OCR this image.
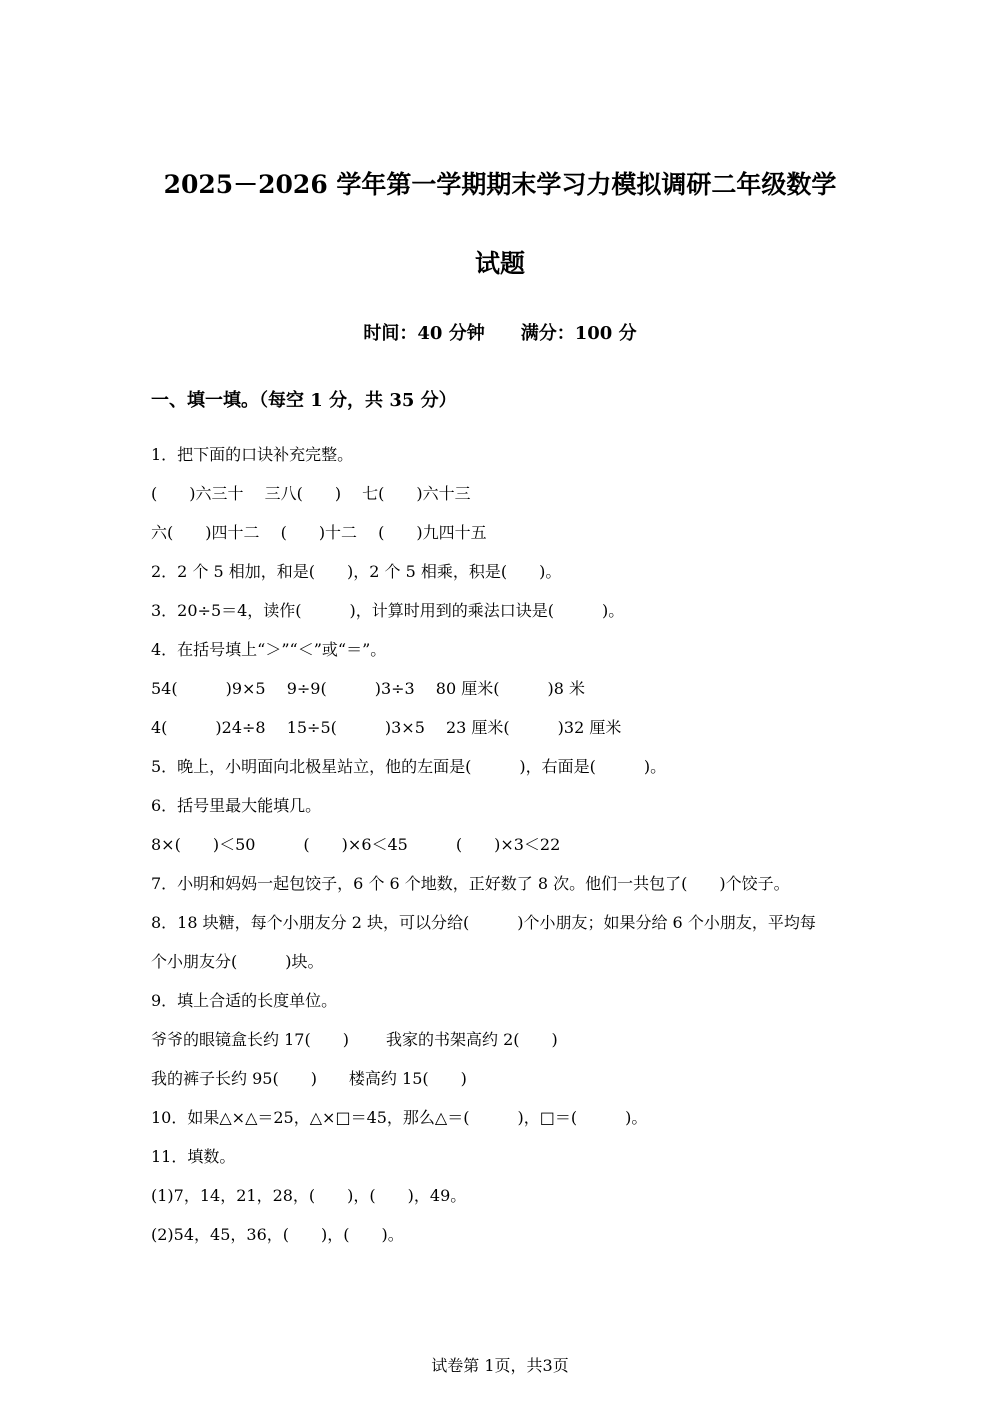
2025－2026 学年第一学期期末学习力模拟调研二年级数学
试题
时间：40 分钟 满分：100 分
一、填一填。（每空 1 分，共 35 分）
1．把下面的口诀补充完整。
(　　)六三十　 三八(　　)　 七(　　)六十三
六(　　)四十二　 (　　)十二　 (　　)九四十五
2．2 个 5 相加，和是(　　)，2 个 5 相乘，积是(　　)。
3．20÷5＝4，读作(　　　)，计算时用到的乘法口诀是(　　　)。
4．在括号填上“＞”“＜”或“＝”。
54(　　　)9×5　 9÷9(　　　)3÷3　 80 厘米(　　　)8 米
4(　　　)24÷8　 15÷5(　　　)3×5　 23 厘米(　　　)32 厘米
5．晚上，小明面向北极星站立，他的左面是(　　　)，右面是(　　　)。
6．括号里最大能填几。
8×(　　)＜50　　　(　　)×6＜45　　　(　　)×3＜22
7．小明和妈妈一起包饺子，6 个 6 个地数，正好数了 8 次。他们一共包了(　　)个饺子。
8．18 块糖，每个小朋友分 2 块，可以分给(　　　)个小朋友；如果分给 6 个小朋友，平均每
个小朋友分(　　　)块。
9．填上合适的长度单位。
爷爷的眼镜盒长约 17(　　)　　 我家的书架高约 2(　　)
我的裤子长约 95(　　)　　楼高约 15(　　)
10．如果△×△＝25，△×□＝45，那么△＝(　　　)，□＝(　　　)。
11．填数。
(1)7，14，21，28，(　　)，(　　)，49。
(2)54，45，36，(　　)，(　　)。
试卷第 1页，共3页
